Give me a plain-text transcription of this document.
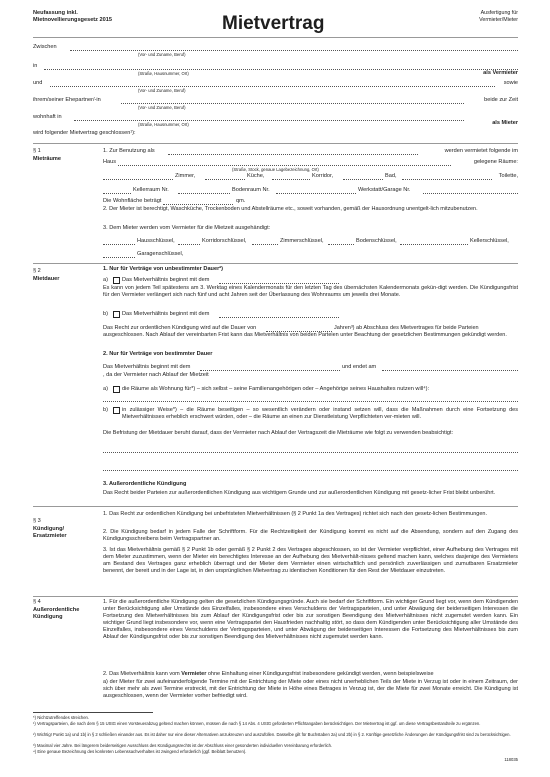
Neufassung inkl.
Mietnovellierungsgesetz 2015	Mietvertrag	Ausfertigung für
Vermieter/Mieter
Zwischen
(Vor- und Zuname, Beruf)
in
(Straße, Hausnummer, Ort)	als Vermieter
und	sowie
(Vor- und Zuname, Beruf)
ihrem/seiner Ehepartner/-in	beide zur Zeit
(Vor- und Zuname, Beruf)
wohnhaft in
(Straße, Hausnummer, Ort)	als Mieter
wird folgender Mietvertrag geschlossen¹):
§ 1
Mieträume
1. Zur Benutzung als	werden vermietet folgende im
Haus	gelegene Räume:
(Straße, Stock, genaue Lagebezeichnung, Ort)
Zimmer,	Küche,	Korridor,	Bad,	Toilette,
Kellerraum Nr.	Bodenraum Nr.	Werkstatt/Garage Nr.
Die Wohnfläche beträgt	qm.
2. Der Mieter ist berechtigt, Waschküche, Trockenboden und Abstellräume etc., soweit vorhanden, gemäß der Hausordnung unentgelt-lich mitzubenutzen.
3. Dem Mieter werden vom Vermieter für die Mietzeit ausgehändigt:
Hausschlüssel,	Korridorschlüssel,	Zimmerschlüssel,	Bodenschlüssel,	Kellerschlüssel,
Garagenschlüssel,
§ 2
Mietdauer
1. Nur für Verträge von unbestimmter Dauer²)
a)	Das Mietverhältnis beginnt mit dem
Es kann von jedem Teil spätestens am 3. Werktag eines Kalendermonats für den letzten Tag des übernächsten Kalendermonats gekün-digt werden. Die Kündigungsfrist für den Vermieter verlängert sich nach fünf und acht Jahren seit der Überlassung des Wohnraums um jeweils drei Monate.
b)	Das Mietverhältnis beginnt mit dem
Das Recht zur ordentlichen Kündigung wird auf die Dauer von	Jahren³) ab Abschluss des Mietvertrages für beide Parteien
ausgeschlossen. Nach Ablauf der vereinbarten Frist kann das Mietverhältnis von beiden Parteien unter Beachtung der gesetzlichen Bestimmungen gekündigt werden.
2. Nur für Verträge von bestimmter Dauer
Das Mietverhältnis beginnt mit dem	und endet am
, da der Vermieter nach Ablauf der Mietzeit
a)	die Räume als Wohnung für*) – sich selbst – seine Familienangehörigen oder – Angehörige seines Haushaltes nutzen will⁴):
b)	in zulässiger Weise*) – die Räume beseitigen – so wesentlich verändern oder instand setzen will, dass die Maßnahmen durch eine Fortsetzung des Mietverhältnisses erheblich erschwert würden, oder – die Räume an einen zur Dienstleistung Verpflichteten ver-mieten will.
Die Befristung der Mietdauer beruht darauf, dass der Vermieter nach Ablauf der Vertragszeit die Mieträume wie folgt zu verwenden beabsichtigt:
3. Außerordentliche Kündigung
Das Recht beider Parteien zur außerordentlichen Kündigung aus wichtigem Grunde und zur außerordentlichen Kündigung mit gesetz-licher Frist bleibt unberührt.
§ 3
Kündigung/
Ersatzmieter
1. Das Recht zur ordentlichen Kündigung bei unbefristeten Mietverhältnissen (§ 2 Punkt 1a des Vertrages) richtet sich nach den gesetz-lichen Bestimmungen.
2. Die Kündigung bedarf in jedem Falle der Schriftform. Für die Rechtzeitigkeit der Kündigung kommt es nicht auf die Absendung, sondern auf den Zugang des Kündigungsschreibens beim Vertragspartner an.
3. Ist das Mietverhältnis gemäß § 2 Punkt 1b oder gemäß § 2 Punkt 2 des Vertrages abgeschlossen, so ist der Vermieter verpflichtet, einer Aufhebung des Vertrages mit dem Mieter zuzustimmen, wenn der Mieter ein berechtigtes Interesse an der Aufhebung des Mietverhält-nisses geltend machen kann, welches dasjenige des Vermieters am Bestand des Vertrages ganz erheblich überragt und der Mieter dem Vermieter einen wirtschaftlich und persönlich zuverlässigen und zumutbaren Ersatzmieter benennt, der bereit und in der Lage ist, in den ursprünglichen Mietvertrag zu identischen Konditionen für den Rest der Mietdauer einzutreten.
§ 4
Außerordentliche
Kündigung
1. Für die außerordentliche Kündigung gelten die gesetzlichen Kündigungsgründe. Auch sie bedarf der Schriftform. Ein wichtiger Grund liegt vor, wenn dem Kündigenden unter Berücksichtigung aller Umstände des Einzelfalles, insbesondere eines Verschuldens der Vertragsparteien, und unter Abwägung der beiderseitigen Interessen die Fortsetzung des Mietverhältnisses bis zum Ablauf der Kündigungsfrist oder bis zur sonstigen Beendigung des Mietverhältnisses nicht zugemutet werden kann. Ein wichtiger Grund liegt insbesondere vor, wenn eine Vertragspartei den Hausfrieden nachhaltig stört, so dass dem Kündigenden unter Berücksichtigung aller Umstände des Einzelfalles, insbesondere eines Verschuldens der Vertragsparteien, und unter Abwägung der beiderseitigen Interessen die Fortsetzung des Mietverhältnisses bis zum Ablauf der Kündigungsfrist oder bis zur sonstigen Beendigung des Mietverhältnisses nicht zugemutet werden kann.
2. Das Mietverhältnis kann vom Vermieter ohne Einhaltung einer Kündigungsfrist insbesondere gekündigt werden, wenn beispielsweise
a) der Mieter für zwei aufeinanderfolgende Termine mit der Entrichtung der Miete oder eines nicht unerheblichen Teils der Miete in Verzug ist oder in einem Zeitraum, der sich über mehr als zwei Termine erstreckt, mit der Entrichtung der Miete in Höhe eines Betrages in Verzug ist, der die Miete für zwei Monate erreicht. Die Kündigung ist ausgeschlossen, wenn der Vermieter vorher befriedigt wird.
*) Nichtzutreffendes streichen.
¹) Vertragsparteien, die nach dem § 15 UStG einen Vorsteuerabzug geltend machen können, müssen die nach § 14 Abs. 4 UStG geforderten Pflichtangaben berücksichtigen. Der Mietvertrag ist ggf. um diese Vertragsbestandteile zu ergänzen.
²) Wichtig! Punkt 1a) und 1b) in § 2 schließen einander aus. Es ist daher nur eine dieser Alternativen anzukreuzen und auszufüllen. Dasselbe gilt für Buchstaben 2a) und 2b) in § 2. Künftige gesetzliche Änderungen der Kündigungsfrist sind zu berücksichtigen.
³) Maximal vier Jahre. Bei längerem beiderseitigen Ausschluss des Kündigungsrechts ist der Abschluss einer gesonderten individuellen Vereinbarung erforderlich.
⁴) Eine genaue Bezeichnung des konkreten Lebenssachverhaltes ist zwingend erforderlich (ggf. Beiblatt benutzen).
118035
